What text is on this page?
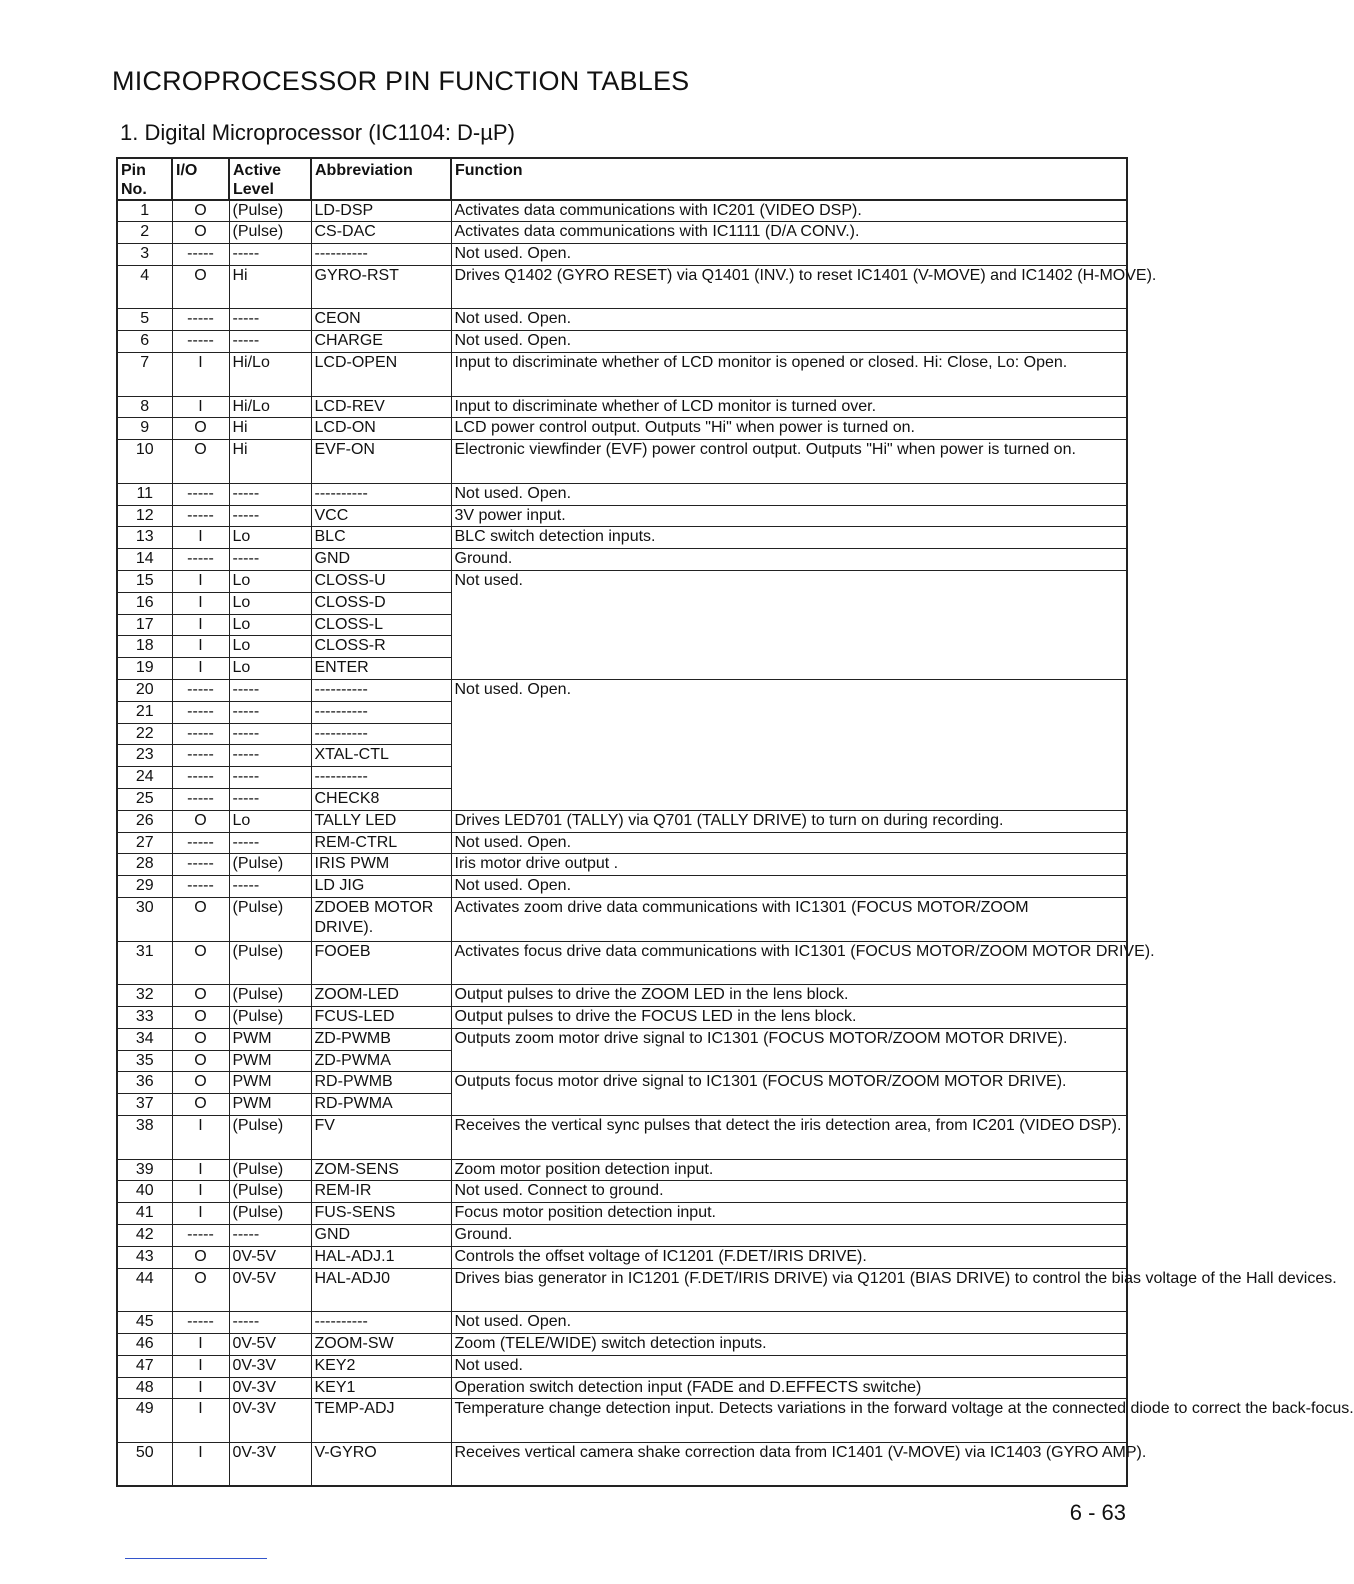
MICROPROCESSOR PIN FUNCTION TABLES
1. Digital Microprocessor (IC1104: D-µP)
Pin No.	I/O	Active Level	Abbreviation	Function
1	O	(Pulse)	LD-DSP	Activates data communications with IC201 (VIDEO DSP).
2	O	(Pulse)	CS-DAC	Activates data communications with IC1111 (D/A CONV.).
3	-----	-----	----------	Not used. Open.
4	O	Hi	GYRO-RST	Drives Q1402 (GYRO RESET) via Q1401 (INV.) to reset IC1401 (V-MOVE) and IC1402 (H-MOVE).
5	-----	-----	CEON	Not used. Open.
6	-----	-----	CHARGE	Not used. Open.
7	I	Hi/Lo	LCD-OPEN	Input to discriminate whether of LCD monitor is opened or closed. Hi: Close, Lo: Open.
8	I	Hi/Lo	LCD-REV	Input to discriminate whether of LCD monitor is turned over.
9	O	Hi	LCD-ON	LCD power control output. Outputs "Hi" when power is turned on.
10	O	Hi	EVF-ON	Electronic viewfinder (EVF) power control output. Outputs "Hi" when power is turned on.
11	-----	-----	----------	Not used. Open.
12	-----	-----	VCC	3V power input.
13	I	Lo	BLC	BLC switch detection inputs.
14	-----	-----	GND	Ground.
15	I	Lo	CLOSS-U	Not used.
16	I	Lo	CLOSS-D	
17	I	Lo	CLOSS-L	
18	I	Lo	CLOSS-R	
19	I	Lo	ENTER	
20	-----	-----	----------	Not used. Open.
21	-----	-----	----------	
22	-----	-----	----------	
23	-----	-----	XTAL-CTL	
24	-----	-----	----------	
25	-----	-----	CHECK8	
26	O	Lo	TALLY LED	Drives LED701 (TALLY) via Q701 (TALLY DRIVE) to turn on during recording.
27	-----	-----	REM-CTRL	Not used. Open.
28	-----	(Pulse)	IRIS PWM	Iris motor drive output .
29	-----	-----	LD JIG	Not used. Open.
30	O	(Pulse)	ZDOEB MOTOR DRIVE).	Activates zoom drive data communications with IC1301 (FOCUS MOTOR/ZOOM
31	O	(Pulse)	FOOEB	Activates focus drive data communications with IC1301 (FOCUS MOTOR/ZOOM MOTOR DRIVE).
32	O	(Pulse)	ZOOM-LED	Output pulses to drive the ZOOM LED in the lens block.
33	O	(Pulse)	FCUS-LED	Output pulses to drive the FOCUS LED in the lens block.
34	O	PWM	ZD-PWMB	Outputs zoom motor drive signal to IC1301 (FOCUS MOTOR/ZOOM MOTOR DRIVE).
35	O	PWM	ZD-PWMA	
36	O	PWM	RD-PWMB	Outputs focus motor drive signal to IC1301 (FOCUS MOTOR/ZOOM MOTOR DRIVE).
37	O	PWM	RD-PWMA	
38	I	(Pulse)	FV	Receives the vertical sync pulses that detect the iris detection area, from IC201 (VIDEO DSP).
39	I	(Pulse)	ZOM-SENS	Zoom motor position detection input.
40	I	(Pulse)	REM-IR	Not used. Connect to ground.
41	I	(Pulse)	FUS-SENS	Focus motor position detection input.
42	-----	-----	GND	Ground.
43	O	0V-5V	HAL-ADJ.1	Controls the offset voltage of IC1201 (F.DET/IRIS DRIVE).
44	O	0V-5V	HAL-ADJ0	Drives bias generator in IC1201 (F.DET/IRIS DRIVE) via Q1201 (BIAS DRIVE) to control the bias voltage of the Hall devices.
45	-----	-----	----------	Not used. Open.
46	I	0V-5V	ZOOM-SW	Zoom (TELE/WIDE) switch detection inputs.
47	I	0V-3V	KEY2	Not used.
48	I	0V-3V	KEY1	Operation switch detection input (FADE and D.EFFECTS switche)
49	I	0V-3V	TEMP-ADJ	Temperature change detection input. Detects variations in the forward voltage at the connected diode to correct the back-focus.
50	I	0V-3V	V-GYRO	Receives vertical camera shake correction data from IC1401 (V-MOVE) via IC1403 (GYRO AMP).
6 - 63
